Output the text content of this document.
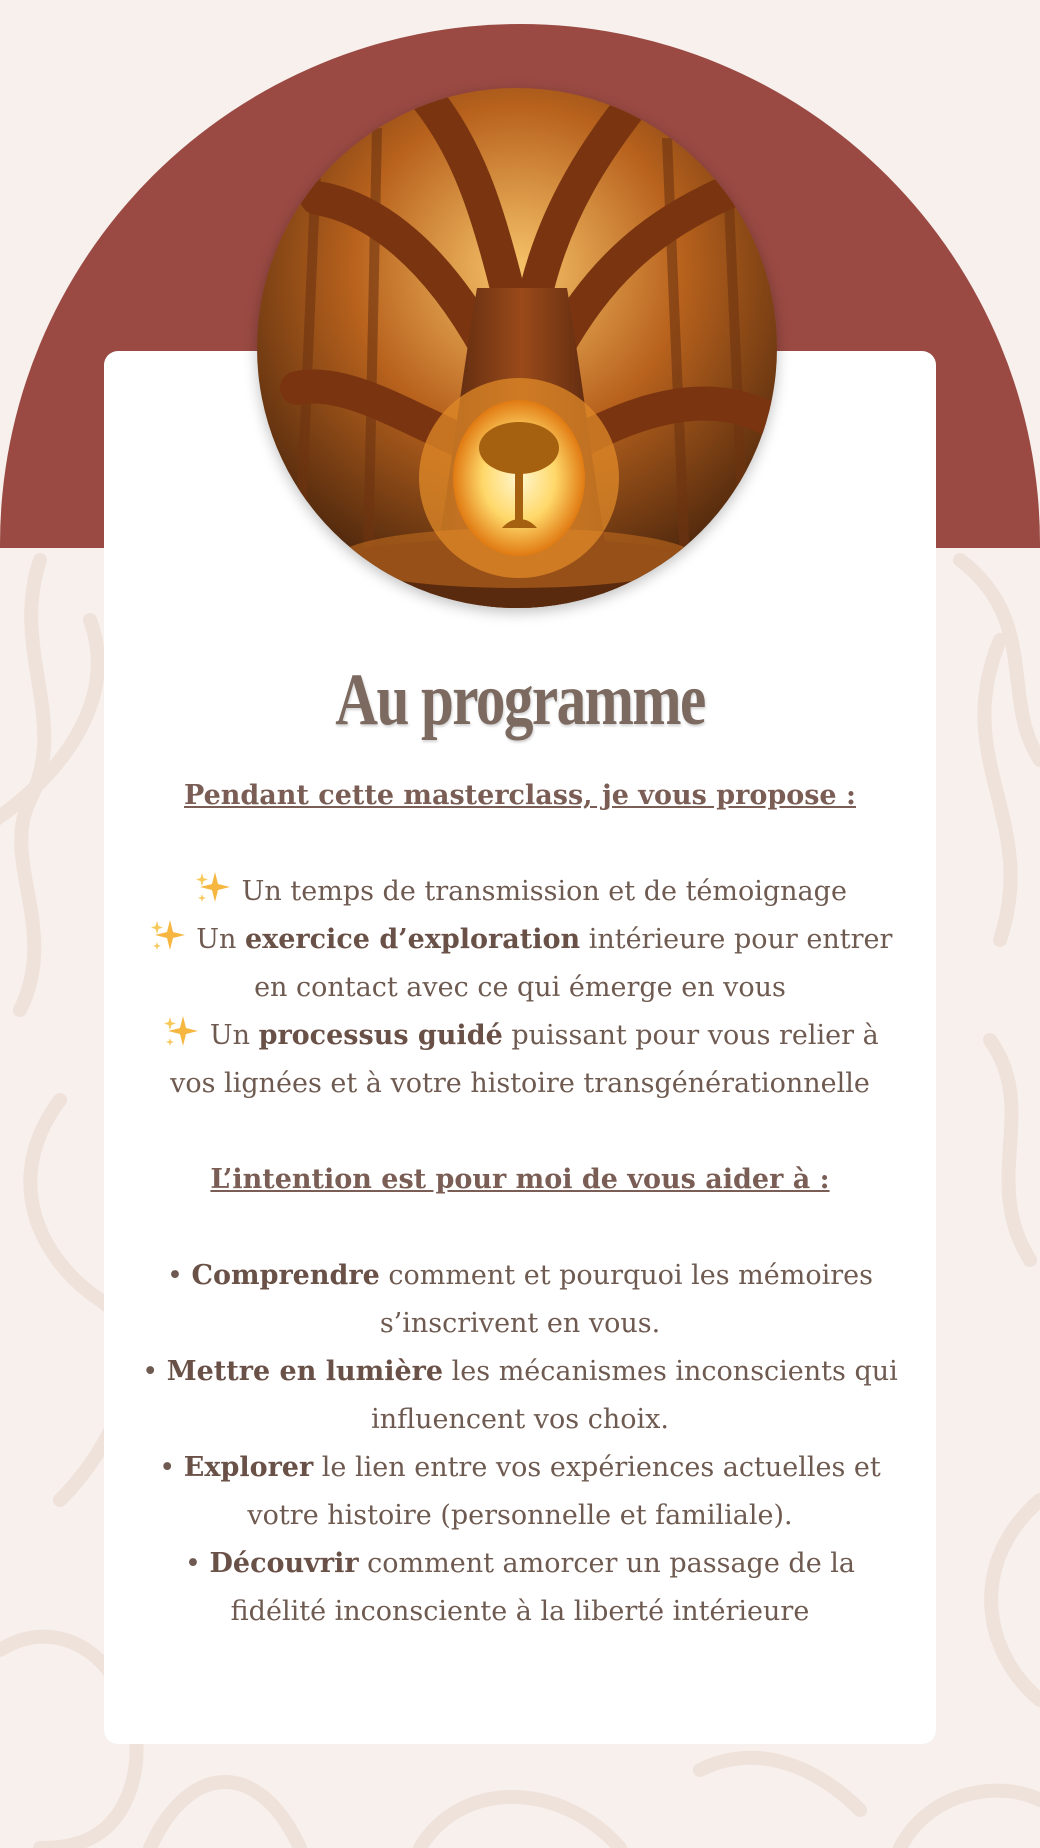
Au programme

Pendant cette masterclass, je vous propose :

Un temps de transmission et de témoignage

Un exercice d’exploration intérieure pour entrer en contact avec ce qui émerge en vous

Un processus guidé puissant pour vous relier à vos lignées et à votre histoire transgénérationnelle

L’intention est pour moi de vous aider à :

• Comprendre comment et pourquoi les mémoires s’inscrivent en vous.

• Mettre en lumière les mécanismes inconscients qui influencent vos choix.

• Explorer le lien entre vos expériences actuelles et votre histoire (personnelle et familiale).

• Découvrir comment amorcer un passage de la fidélité inconsciente à la liberté intérieure
